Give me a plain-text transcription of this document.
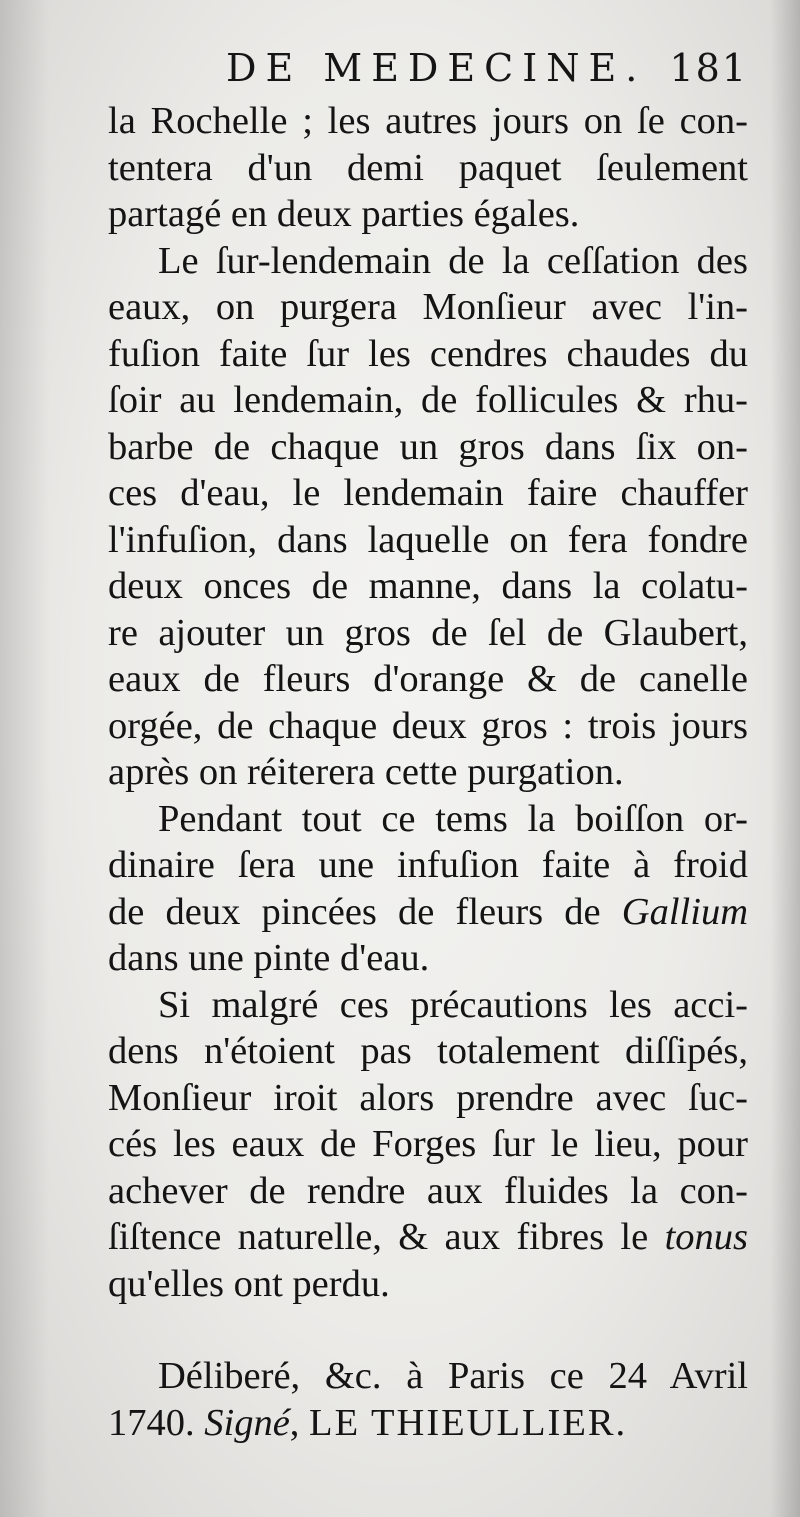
DE MEDECINE. 181
la Rochelle ; les autres jours on ſe con-
tentera d'un demi paquet ſeulement
partagé en deux parties égales.
Le ſur-lendemain de la ceſſation des
eaux, on purgera Monſieur avec l'in-
fuſion faite ſur les cendres chaudes du
ſoir au lendemain, de follicules & rhu-
barbe de chaque un gros dans ſix on-
ces d'eau, le lendemain faire chauffer
l'infuſion, dans laquelle on fera fondre
deux onces de manne, dans la colatu-
re ajouter un gros de ſel de Glaubert,
eaux de fleurs d'orange & de canelle
orgée, de chaque deux gros : trois jours
après on réiterera cette purgation.
Pendant tout ce tems la boiſſon or-
dinaire ſera une infuſion faite à froid
de deux pincées de fleurs de Gallium
dans une pinte d'eau.
Si malgré ces précautions les acci-
dens n'étoient pas totalement diſſipés,
Monſieur iroit alors prendre avec ſuc-
cés les eaux de Forges ſur le lieu, pour
achever de rendre aux fluides la con-
ſiſtence naturelle, & aux fibres le tonus
qu'elles ont perdu.
Déliberé, &c. à Paris ce 24 Avril
1740. Signé, LE THIEULLIER.
